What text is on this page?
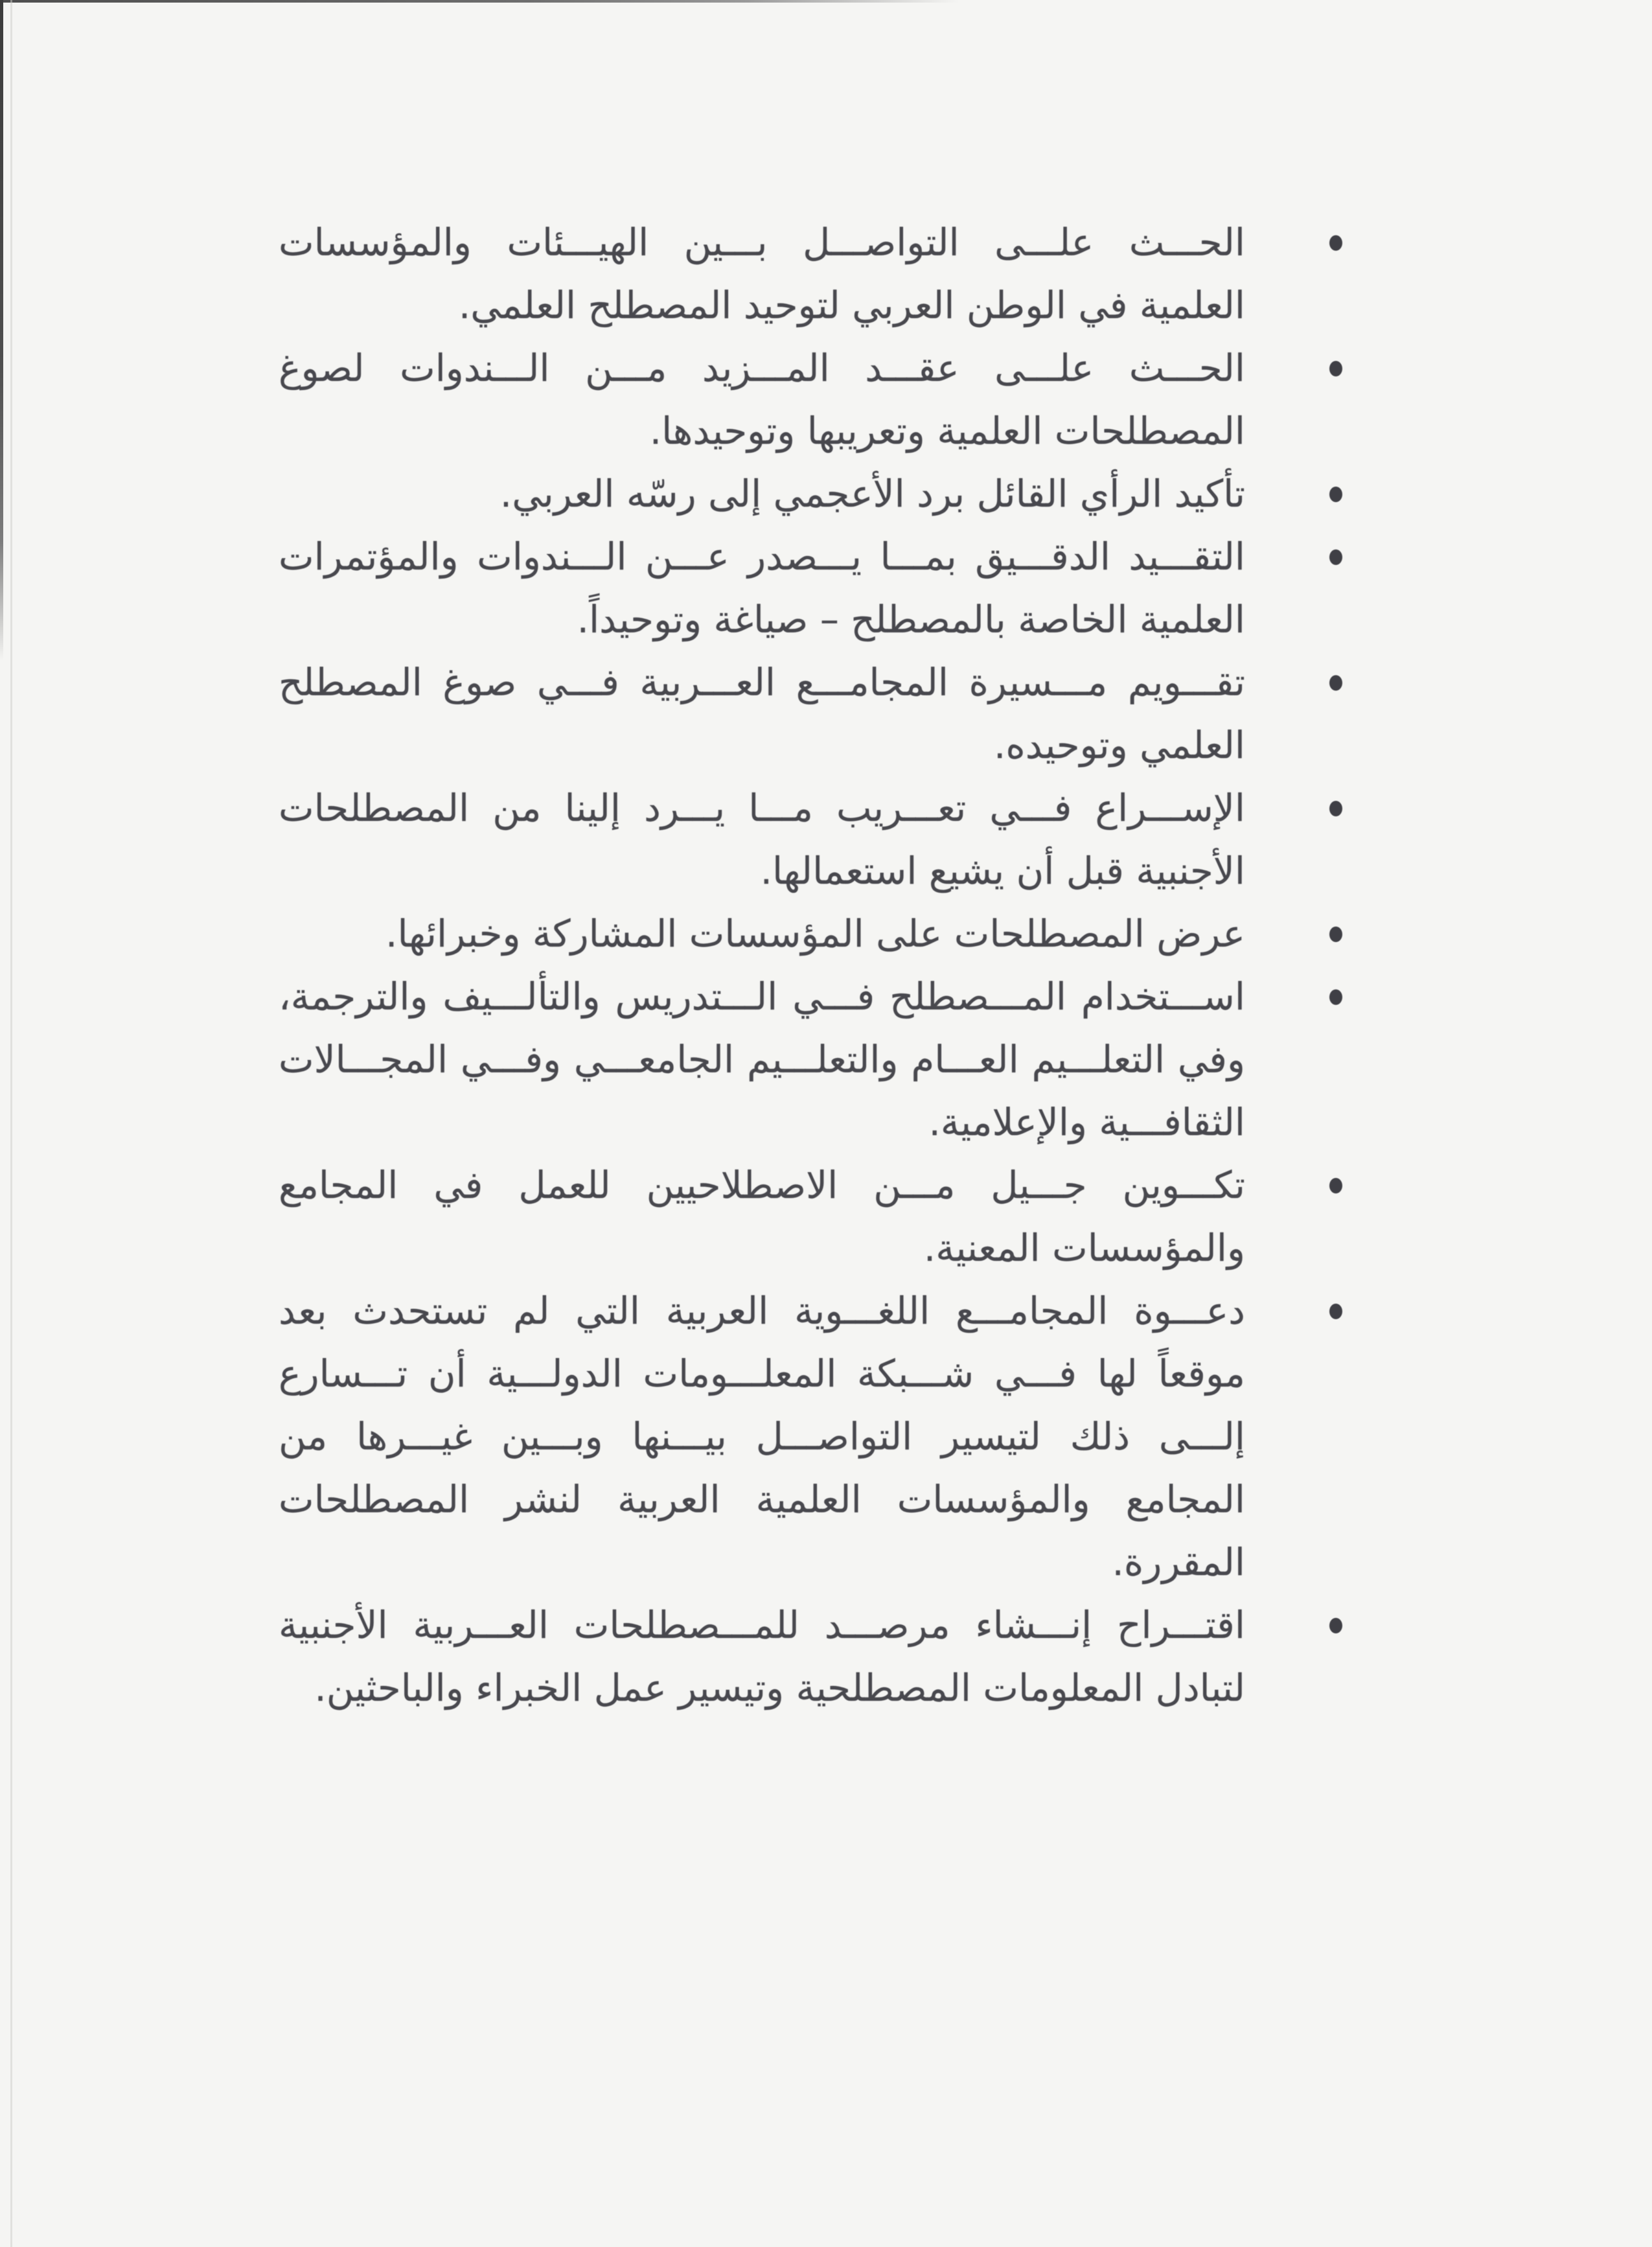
الحـــث علـــى التواصـــل بـــين الهيـــئات والمؤسسات العلمية في الوطن العربي لتوحيد المصطلح العلمي.
الحـــث علـــى عقـــد المـــزيد مـــن الـــندوات لصوغ المصطلحات العلمية وتعريبها وتوحيدها.
تأكيد الرأي القائل برد الأعجمي إلى رسّه العربي.
التقـــيد الدقـــيق بمـــا يـــصدر عـــن الـــندوات والمؤتمرات العلمية الخاصة بالمصطلح – صياغة وتوحيداً.
تقـــويم مـــسيرة المجامـــع العـــربية فـــي صوغ المصطلح العلمي وتوحيده.
الإســـراع فـــي تعـــريب مـــا يـــرد إلينا من المصطلحات الأجنبية قبل أن يشيع استعمالها.
عرض المصطلحات على المؤسسات المشاركة وخبرائها.
اســـتخدام المـــصطلح فـــي الـــتدريس والتألـــيف والترجمة، وفي التعلـــيم العـــام والتعلـــيم الجامعـــي وفـــي المجـــالات الثقافـــية والإعلامية.
تكـــوين جـــيل مـــن الاصطلاحيين للعمل في المجامع والمؤسسات المعنية.
دعـــوة المجامـــع اللغـــوية العربية التي لم تستحدث بعد موقعاً لها فـــي شـــبكة المعلـــومات الدولـــية أن تـــسارع إلـــى ذلك لتيسير التواصـــل بيـــنها وبـــين غيـــرها من المجامع والمؤسسات العلمية العربية لنشر المصطلحات المقررة.
اقتـــراح إنـــشاء مرصـــد للمـــصطلحات العـــربية الأجنبية لتبادل المعلومات المصطلحية وتيسير عمل الخبراء والباحثين.
